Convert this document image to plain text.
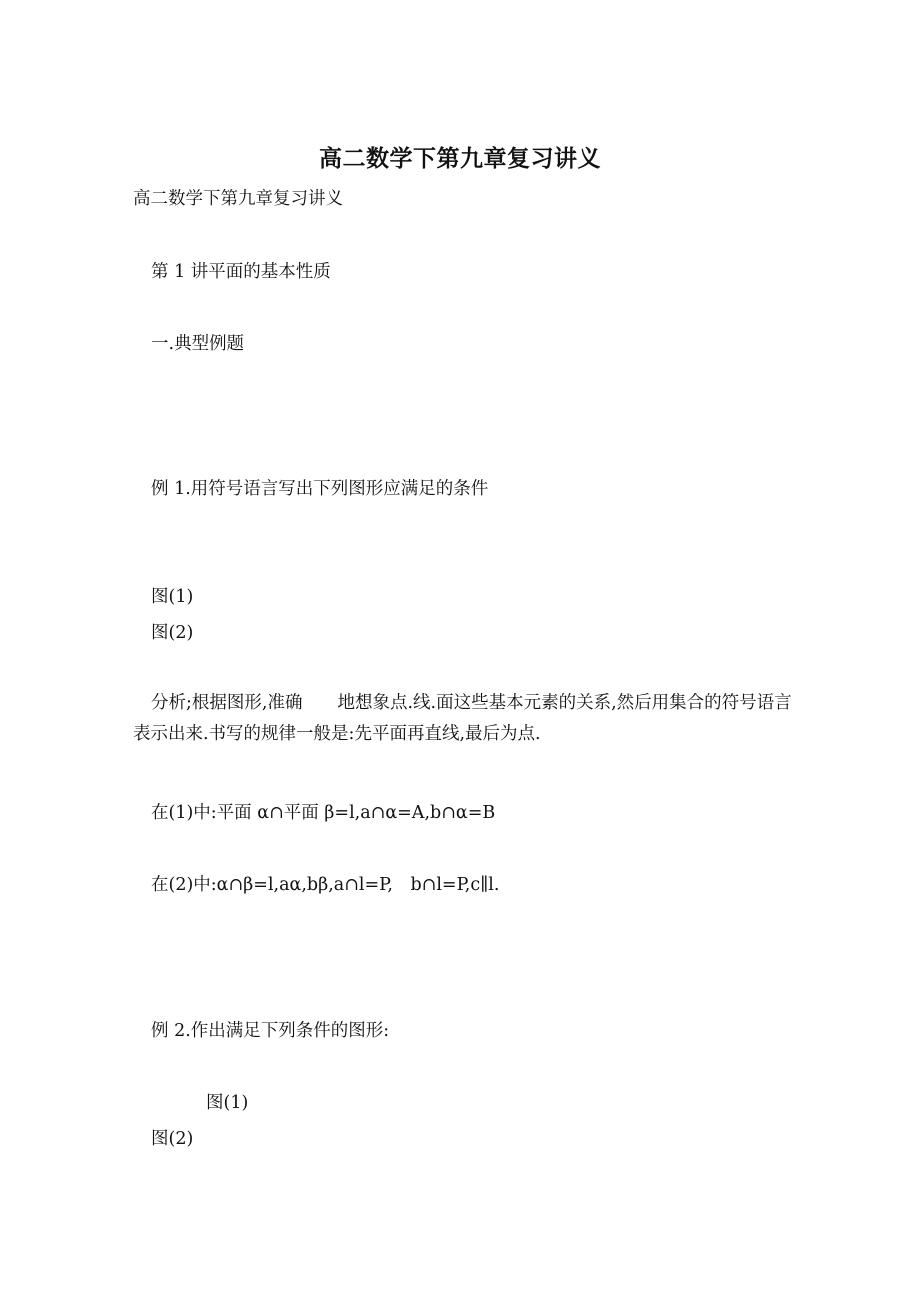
高二数学下第九章复习讲义
高二数学下第九章复习讲义
第 1 讲平面的基本性质
一.典型例题
例 1.用符号语言写出下列图形应满足的条件
图(1)
图(2)
分析;根据图形,准确　　地想象点.线.面这些基本元素的关系,然后用集合的符号语言表示出来.书写的规律一般是:先平面再直线,最后为点.
在(1)中:平面 α∩平面 β=l,a∩α=A,b∩α=B
在(2)中:α∩β=l,aα,bβ,a∩l=P,　b∩l=P,c∥l.
例 2.作出满足下列条件的图形:
图(1)
图(2)
